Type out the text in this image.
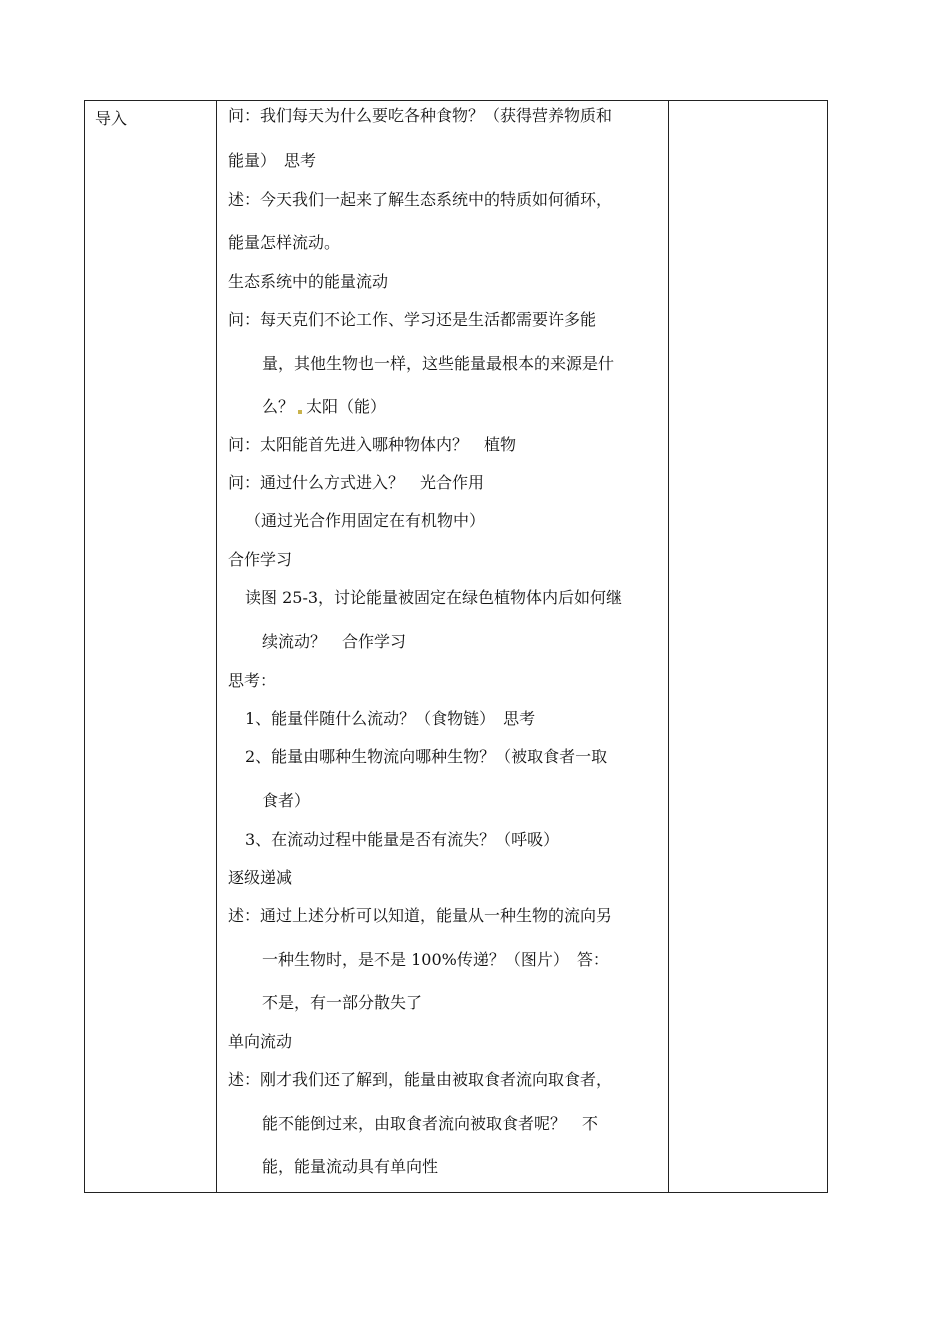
导入	问：我们每天为什么要吃各种食物？（获得营养物质和
能量）　思考
述：今天我们一起来了解生态系统中的特质如何循环，
能量怎样流动。
生态系统中的能量流动
问：每天克们不论工作、学习还是生活都需要许多能
量，其他生物也一样，这些能量最根本的来源是什
么？ 太阳（能）
问：太阳能首先进入哪种物体内？　植物
问：通过什么方式进入？　光合作用
（通过光合作用固定在有机物中）
合作学习
读图 25-3，讨论能量被固定在绿色植物体内后如何继
续流动？　合作学习
思考：
1、能量伴随什么流动？（食物链）　思考
2、能量由哪种生物流向哪种生物？（被取食者一取
食者）
3、在流动过程中能量是否有流失？（呼吸）
逐级递减
述：通过上述分析可以知道，能量从一种生物的流向另
一种生物时，是不是 100%传递？（图片）　答：
不是，有一部分散失了
单向流动
述：刚才我们还了解到，能量由被取食者流向取食者，
能不能倒过来，由取食者流向被取食者呢？　不
能，能量流动具有单向性
